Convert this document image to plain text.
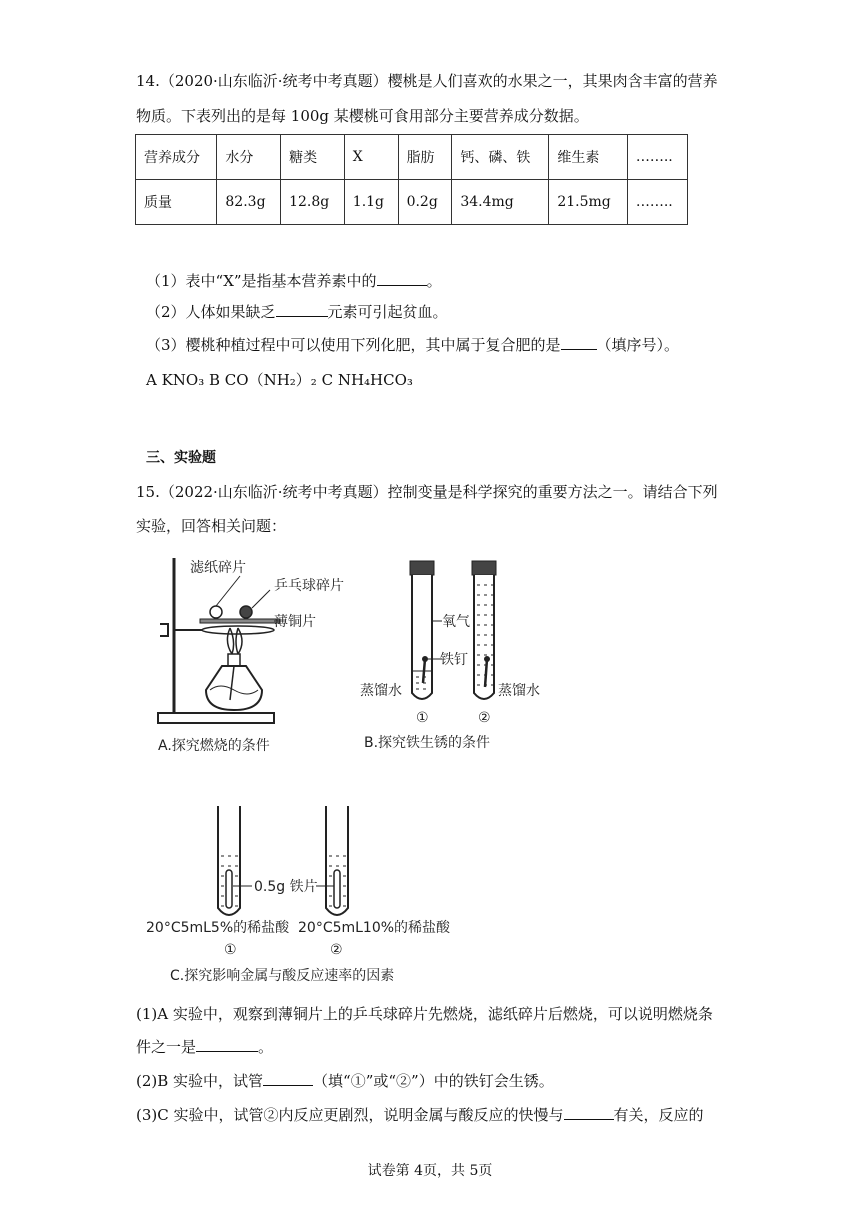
14.（2020·山东临沂·统考中考真题）樱桃是人们喜欢的水果之一，其果肉含丰富的营养
物质。下表列出的是每 100g 某樱桃可食用部分主要营养成分数据。
营养成分	水分	糖类	X	脂肪	钙、磷、铁	维生素	……..
质量	82.3g	12.8g	1.1g	0.2g	34.4mg	21.5mg	……..
（1）表中“X”是指基本营养素中的	。
（2）人体如果缺乏	元素可引起贫血。
（3）樱桃种植过程中可以使用下列化肥，其中属于复合肥的是 （填序号）。
A KNO₃ B CO（NH₂）₂ C NH₄HCO₃
三、实验题
15.（2022·山东临沂·统考中考真题）控制变量是科学探究的重要方法之一。请结合下列
实验，回答相关问题：
滤纸碎片
乒乓球碎片
薄铜片
A.探究燃烧的条件
氧气
铁钉
蒸馏水	蒸馏水
①	②
B.探究铁生锈的条件
0.5g 铁片
20°C5mL5%的稀盐酸 20°C5mL10%的稀盐酸
①	②
C.探究影响金属与酸反应速率的因素
(1)A 实验中，观察到薄铜片上的乒乓球碎片先燃烧，滤纸碎片后燃烧，可以说明燃烧条
件之一是	。
(2)B 实验中，试管	（填“①”或“②”）中的铁钉会生锈。
(3)C 实验中，试管②内反应更剧烈，说明金属与酸反应的快慢与	有关，反应的
试卷第 4页，共 5页
